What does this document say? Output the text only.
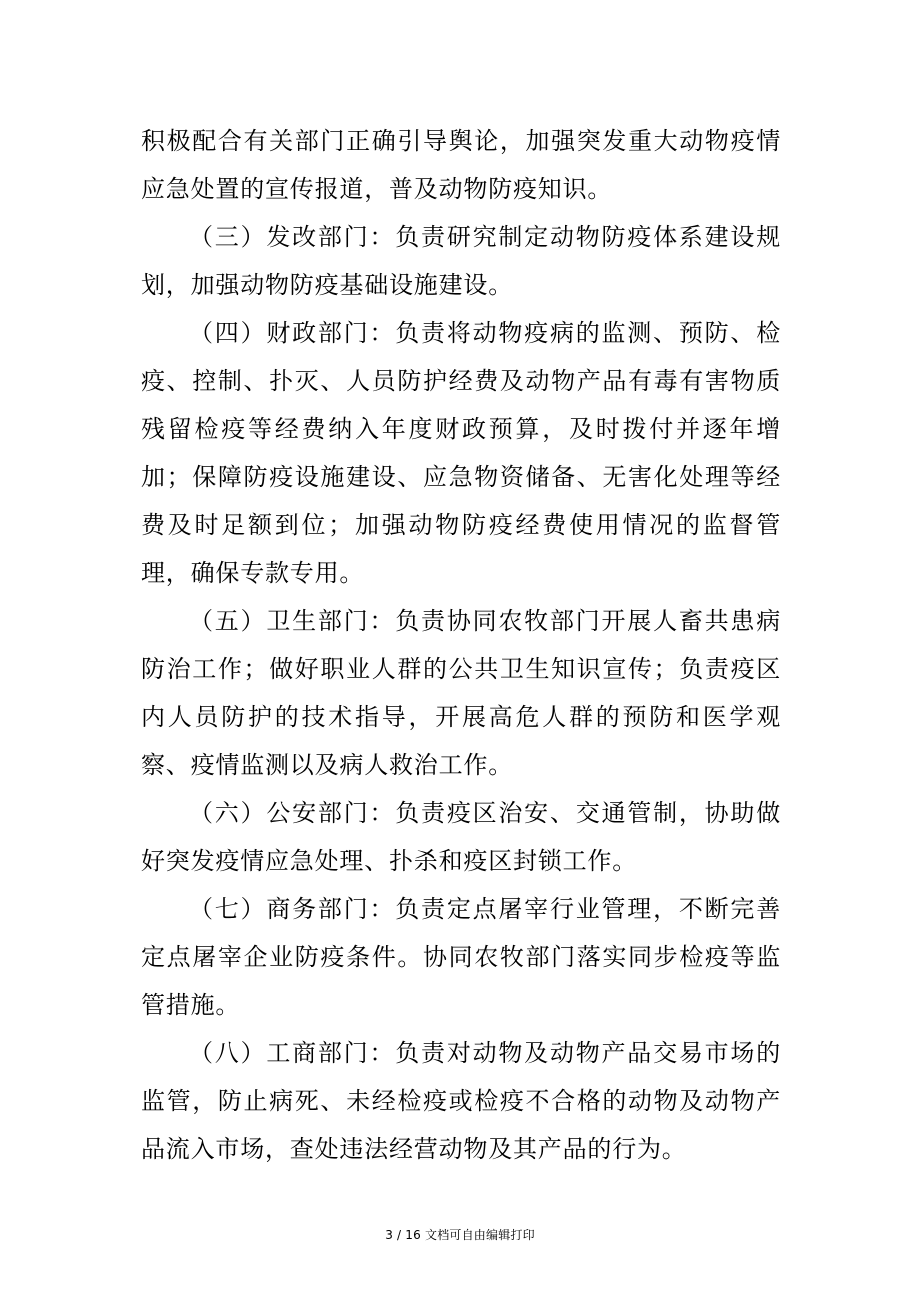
积极配合有关部门正确引导舆论，加强突发重大动物疫情应急处置的宣传报道，普及动物防疫知识。

（三）发改部门：负责研究制定动物防疫体系建设规划，加强动物防疫基础设施建设。

（四）财政部门：负责将动物疫病的监测、预防、检疫、控制、扑灭、人员防护经费及动物产品有毒有害物质残留检疫等经费纳入年度财政预算，及时拨付并逐年增加；保障防疫设施建设、应急物资储备、无害化处理等经费及时足额到位；加强动物防疫经费使用情况的监督管理，确保专款专用。

（五）卫生部门：负责协同农牧部门开展人畜共患病防治工作；做好职业人群的公共卫生知识宣传；负责疫区内人员防护的技术指导，开展高危人群的预防和医学观察、疫情监测以及病人救治工作。

（六）公安部门：负责疫区治安、交通管制，协助做好突发疫情应急处理、扑杀和疫区封锁工作。

（七）商务部门：负责定点屠宰行业管理，不断完善定点屠宰企业防疫条件。协同农牧部门落实同步检疫等监管措施。

（八）工商部门：负责对动物及动物产品交易市场的监管，防止病死、未经检疫或检疫不合格的动物及动物产品流入市场，查处违法经营动物及其产品的行为。

3 / 16 文档可自由编辑打印
